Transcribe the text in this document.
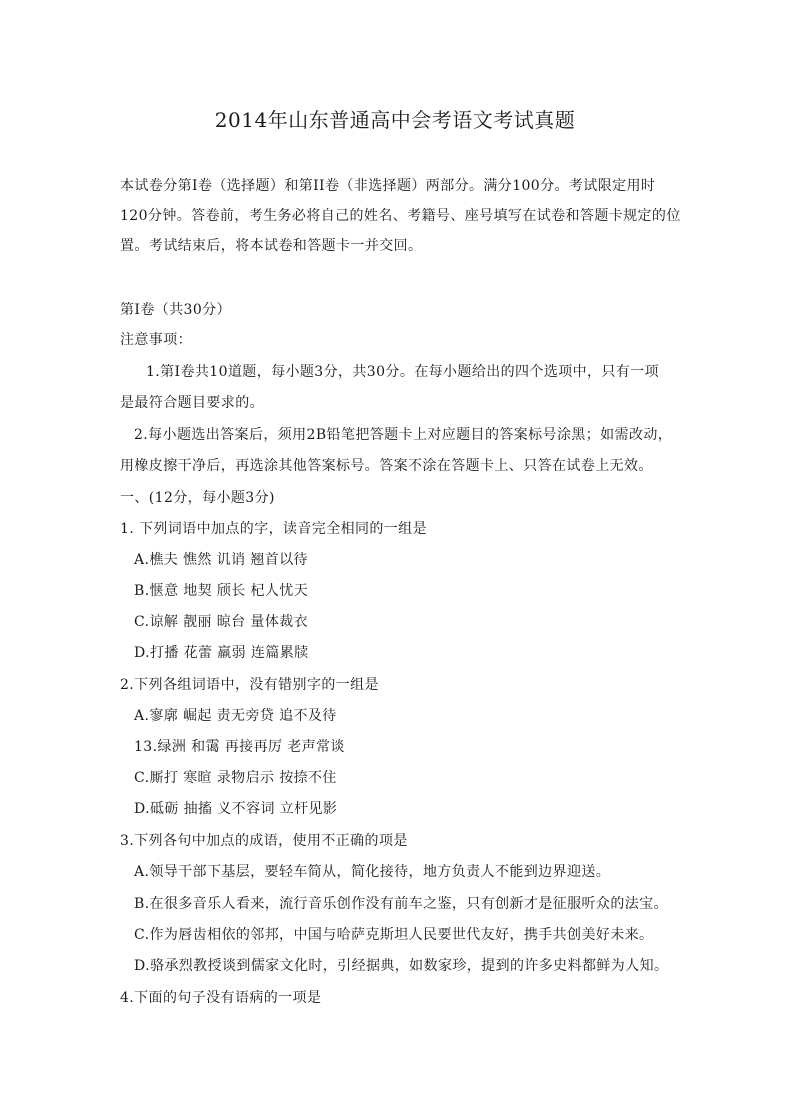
2014年山东普通高中会考语文考试真题
本试卷分第I卷（选择题）和第II卷（非选择题）两部分。满分100分。考试限定用时
120分钟。答卷前，考生务必将自己的姓名、考籍号、座号填写在试卷和答题卡规定的位
置。考试结束后，将本试卷和答题卡一并交回。
第I卷（共30分）
注意事项：
1.第I卷共10道题，每小题3分，共30分。在每小题给出的四个选项中，只有一项
是最符合题目要求的。
2.每小题选出答案后，须用2B铅笔把答题卡上对应题目的答案标号涂黑；如需改动，
用橡皮擦干净后，再选涂其他答案标号。答案不涂在答题卡上、只答在试卷上无效。
一、(12分，每小题3分)
1. 下列词语中加点的字，读音完全相同的一组是
A.樵夫 憔然 讥诮 翘首以待
B.惬意 地契 颀长 杞人忧天
C.谅解 靓丽 晾台 量体裁衣
D.打播 花蕾 羸弱 连篇累牍
2.下列各组词语中，没有错别字的一组是
A.寥廓 崛起 责无旁贷 追不及待
13.绿洲 和霭 再接再厉 老声常谈
C.厮打 寒暄 录物启示 按捺不住
D.砥砺 抽搐 义不容词 立杆见影
3.下列各句中加点的成语，使用不正确的项是
A.领导干部下基层，要轻车简从，简化接待，地方负责人不能到边界迎送。
B.在很多音乐人看来，流行音乐创作没有前车之鉴，只有创新才是征服听众的法宝。
C.作为唇齿相依的邻邦，中国与哈萨克斯坦人民要世代友好，携手共创美好未来。
D.骆承烈教授谈到儒家文化时，引经据典，如数家珍，提到的许多史料都鲜为人知。
4.下面的句子没有语病的一项是
